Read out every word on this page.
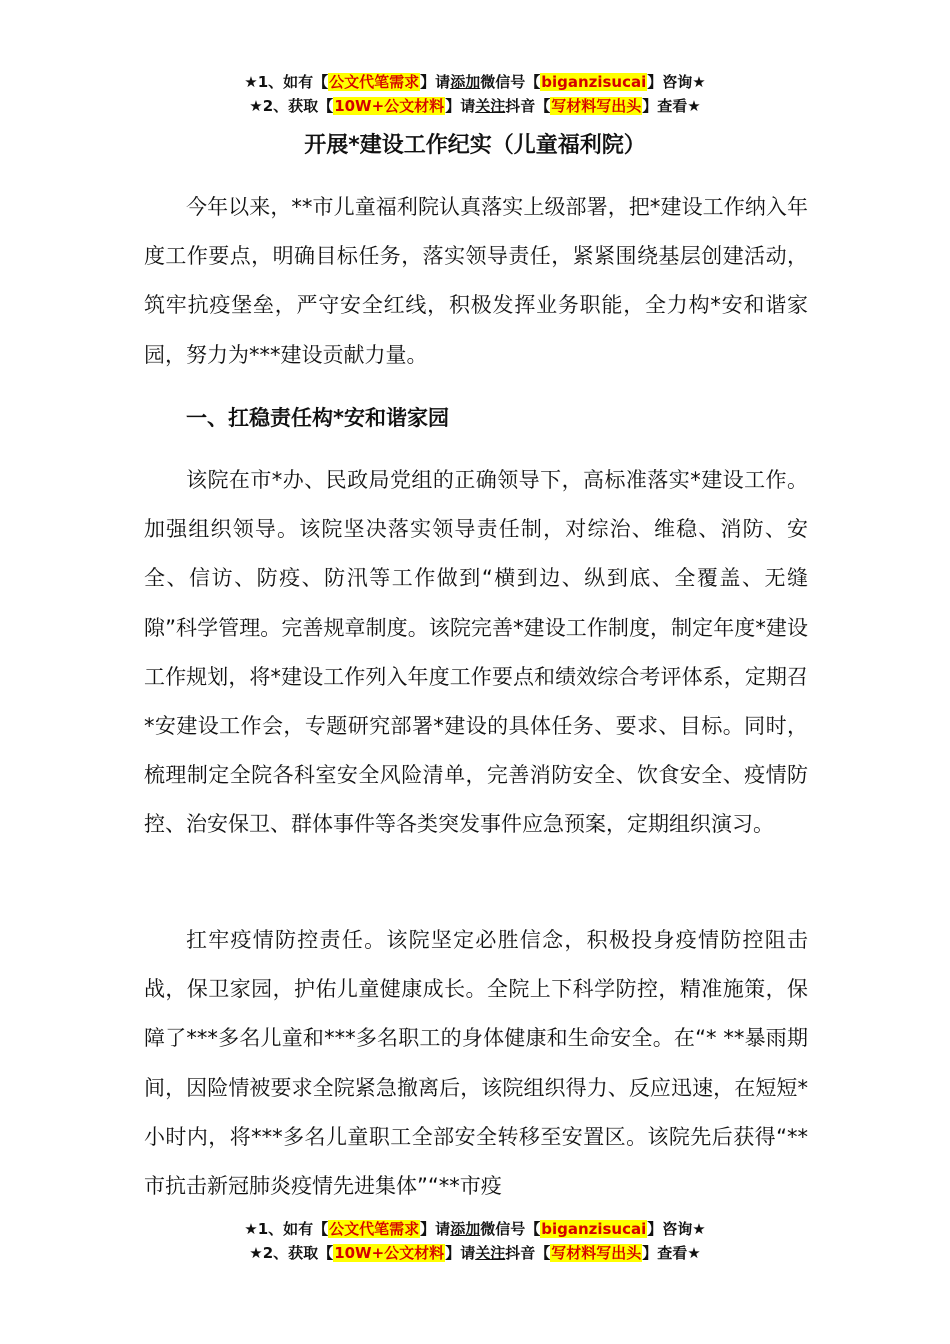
★1、如有【公文代笔需求】请添加微信号【biganzisucai】咨询★
★2、获取【10W+公文材料】请关注抖音【写材料写出头】查看★
开展*建设工作纪实（儿童福利院）

今年以来，**市儿童福利院认真落实上级部署，把*建设工作纳入年度工作要点，明确目标任务，落实领导责任，紧紧围绕基层创建活动，筑牢抗疫堡垒，严守安全红线，积极发挥业务职能，全力构*安和谐家园，努力为***建设贡献力量。

一、扛稳责任构*安和谐家园

该院在市*办、民政局党组的正确领导下，高标准落实*建设工作。加强组织领导。该院坚决落实领导责任制，对综治、维稳、消防、安全、信访、防疫、防汛等工作做到“横到边、纵到底、全覆盖、无缝隙”科学管理。完善规章制度。该院完善*建设工作制度，制定年度*建设工作规划，将*建设工作列入年度工作要点和绩效综合考评体系，定期召*安建设工作会，专题研究部署*建设的具体任务、要求、目标。同时，梳理制定全院各科室安全风险清单，完善消防安全、饮食安全、疫情防控、治安保卫、群体事件等各类突发事件应急预案，定期组织演习。

扛牢疫情防控责任。该院坚定必胜信念，积极投身疫情防控阻击战，保卫家园，护佑儿童健康成长。全院上下科学防控，精准施策，保障了***多名儿童和***多名职工的身体健康和生命安全。在“* **暴雨期间，因险情被要求全院紧急撤离后，该院组织得力、反应迅速，在短短*小时内，将***多名儿童职工全部安全转移至安置区。该院先后获得“**市抗击新冠肺炎疫情先进集体”“**市疫

★1、如有【公文代笔需求】请添加微信号【biganzisucai】咨询★
★2、获取【10W+公文材料】请关注抖音【写材料写出头】查看★
